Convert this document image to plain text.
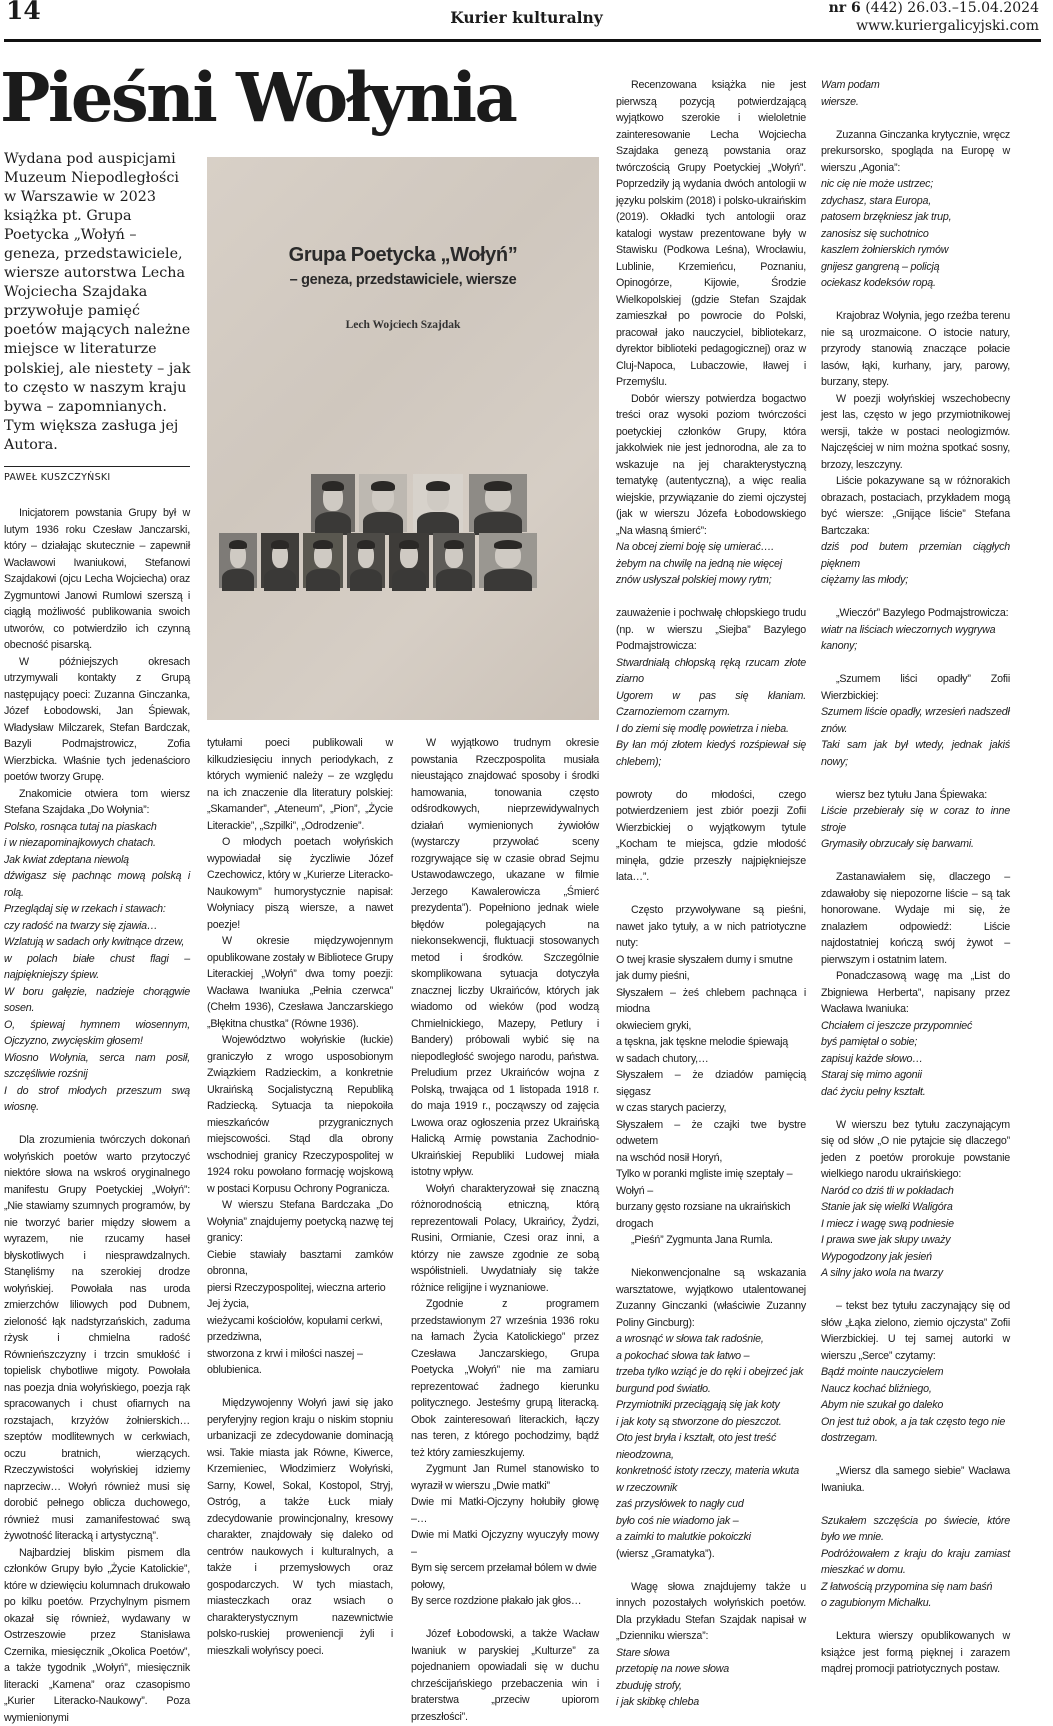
14	Kurier kulturalny	nr 6 (442) 26.03.–15.04.2024
www.kuriergalicyjski.com
Pieśni Wołynia
Wydana pod auspicjami Muzeum Niepodległości w Warszawie w 2023 książka pt. Grupa Poetycka „Wołyń – geneza, przedstawiciele, wiersze autorstwa Lecha Wojciecha Szajdaka przywołuje pamięć poetów mających należne miejsce w literaturze polskiej, ale niestety – jak to często w naszym kraju bywa – zapomnianych. Tym większa zasługa jej Autora.
PAWEŁ KUSZCZYŃSKI
Grupa Poetycka „Wołyń”
– geneza, przedstawiciele, wiersze
Lech Wojciech Szajdak

Inicjatorem powstania Grupy był w lutym 1936 roku Czesław Janczarski, który – działając skutecznie – zapewnił Wacławowi Iwaniukowi, Stefanowi Szajdakowi (ojcu Lecha Wojciecha) oraz Zygmuntowi Janowi Rumlowi szerszą i ciągłą możliwość publikowania swoich utworów, co potwierdziło ich czynną obecność pisarską.

W późniejszych okresach utrzymywali kontakty z Grupą następujący poeci: Zuzanna Ginczanka, Józef Łobodowski, Jan Śpiewak, Władysław Milczarek, Stefan Bardczak, Bazyli Podmajstrowicz, Zofia Wierzbicka. Właśnie tych jedenaścioro poetów tworzy Grupę.

Znakomicie otwiera tom wiersz Stefana Szajdaka „Do Wołynia”:

Polsko, rosnąca tutaj na piaskach

i w niezapominajkowych chatach.

Jak kwiat zdeptana niewolą

dźwigasz się pachnąc mową polską i rolą.

Przeglądaj się w rzekach i stawach:

czy radość na twarzy się zjawia…

Wzlatują w sadach orły kwitnące drzew,

w polach białe chust flagi – najpiękniejszy śpiew.

W boru gałęzie, nadzieje chorągwie sosen.

O, śpiewaj hymnem wiosennym, Ojczyzno, zwycięskim głosem!

Wiosno Wołynia, serca nam posił, szczęśliwie rozśnij

I do strof młodych przeszum swą wiosnę.

Dla zrozumienia twórczych dokonań wołyńskich poetów warto przytoczyć niektóre słowa na wskroś oryginalnego manifestu Grupy Poetyckiej „Wołyń”: „Nie stawiamy szumnych programów, by nie tworzyć barier między słowem a wyrazem, nie rzucamy haseł błyskotliwych i niesprawdzalnych. Stanęliśmy na szerokiej drodze wołyńskiej. Powołała nas uroda zmierzchów liliowych pod Dubnem, zieloność łąk nadstyrzańskich, zaduma rżysk i chmielna radość Równieńszczyzny i trzcin smukłość i topielisk chybotliwe migoty. Powołała nas poezja dnia wołyńskiego, poezja rąk spracowanych i chust ofiarnych na rozstajach, krzyżów żołnierskich… szeptów modlitewnych w cerkwiach, oczu bratnich, wierzących. Rzeczywistości wołyńskiej idziemy naprzeciw… Wołyń również musi się dorobić pełnego oblicza duchowego, również musi zamanifestować swą żywotność literacką i artystyczną”.

Najbardziej bliskim pismem dla członków Grupy było „Życie Katolickie”, które w dziewięciu kolumnach drukowało po kilku poetów. Przychylnym pismem okazał się również, wydawany w Ostrzeszowie przez Stanisława Czernika, miesięcznik „Okolica Poetów”, a także tygodnik „Wołyń”, miesięcznik literacki „Kamena” oraz czasopismo „Kurier Literacko-Naukowy”. Poza wymienionymi

tytułami poeci publikowali w kilkudziesięciu innych periodykach, z których wymienić należy – ze względu na ich znaczenie dla literatury polskiej: „Skamander”, „Ateneum”, „Pion”, „Życie Literackie”, „Szpilki”, „Odrodzenie”.

O młodych poetach wołyńskich wypowiadał się życzliwie Józef Czechowicz, który w „Kurierze Literacko-Naukowym” humorystycznie napisał: Wołyniacy piszą wiersze, a nawet poezje!

W okresie międzywojennym opublikowane zostały w Bibliotece Grupy Literackiej „Wołyń” dwa tomy poezji: Wacława Iwaniuka „Pełnia czerwca” (Chełm 1936), Czesława Janczarskiego „Błękitna chustka” (Równe 1936).

Województwo wołyńskie (łuckie) graniczyło z wrogo usposobionym Związkiem Radzieckim, a konkretnie Ukraińską Socjalistyczną Republiką Radziecką. Sytuacja ta niepokoiła mieszkańców przygranicznych miejscowości. Stąd dla obrony wschodniej granicy Rzeczypospolitej w 1924 roku powołano formację wojskową w postaci Korpusu Ochrony Pogranicza.

W wierszu Stefana Bardczaka „Do Wołynia” znajdujemy poetycką nazwę tej granicy:

Ciebie stawiały basztami zamków obronna,

piersi Rzeczypospolitej, wieczna arterio

Jej życia,

wieżycami kościołów, kopułami cerkwi,

przedziwna,

stworzona z krwi i miłości naszej –

oblubienica.

Międzywojenny Wołyń jawi się jako peryferyjny region kraju o niskim stopniu urbanizacji ze zdecydowanie dominacją wsi. Takie miasta jak Równe, Kiwerce, Krzemieniec, Włodzimierz Wołyński, Sarny, Kowel, Sokal, Kostopol, Stryj, Ostróg, a także Łuck miały zdecydowanie prowincjonalny, kresowy charakter, znajdowały się daleko od centrów naukowych i kulturalnych, a także i przemysłowych oraz gospodarczych. W tych miastach, miasteczkach oraz wsiach o charakterystycznym nazewnictwie polsko-ruskiej proweniencji żyli i mieszkali wołyńscy poeci.

W wyjątkowo trudnym okresie powstania Rzeczpospolita musiała nieustająco znajdować sposoby i środki hamowania, tonowania często odśrodkowych, nieprzewidywalnych działań wymienionych żywiołów (wystarczy przywołać sceny rozgrywające się w czasie obrad Sejmu Ustawodawczego, ukazane w filmie Jerzego Kawalerowicza „Śmierć prezydenta”). Popełniono jednak wiele błędów polegających na niekonsekwencji, fluktuacji stosowanych metod i środków. Szczególnie skomplikowana sytuacja dotyczyła znacznej liczby Ukraińców, których jak wiadomo od wieków (pod wodzą Chmielnickiego, Mazepy, Petlury i Bandery) próbowali wybić się na niepodległość swojego narodu, państwa. Preludium przez Ukraińców wojna z Polską, trwająca od 1 listopada 1918 r. do maja 1919 r., począwszy od zajęcia Lwowa oraz ogłoszenia przez Ukraińską Halicką Armię powstania Zachodnio-Ukraińskiej Republiki Ludowej miała istotny wpływ.

Wołyń charakteryzował się znaczną różnorodnością etniczną, którą reprezentowali Polacy, Ukraińcy, Żydzi, Rusini, Ormianie, Czesi oraz inni, a którzy nie zawsze zgodnie ze sobą współistnieli. Uwydatniały się także różnice religijne i wyznaniowe.

Zgodnie z programem przedstawionym 27 września 1936 roku na łamach Życia Katolickiego” przez Czesława Janczarskiego, Grupa Poetycka „Wołyń” nie ma zamiaru reprezentować żadnego kierunku politycznego. Jesteśmy grupą literacką. Obok zainteresowań literackich, łączy nas teren, z którego pochodzimy, bądź też który zamieszkujemy.

Zygmunt Jan Rumel stanowisko to wyraził w wierszu „Dwie matki”

Dwie mi Matki-Ojczyny hołubiły głowę –…

Dwie mi Matki Ojczyzny wyuczyły mowy –

Bym się sercem przełamał bólem w dwie

połowy,

By serce rozdzione płakało jak głos…

Józef Łobodowski, a także Wacław Iwaniuk w paryskiej „Kulturze” za pojednaniem opowiadali się w duchu chrześcijańskiego przebaczenia win i braterstwa „przeciw upiorom przeszłości”.

Recenzowana książka nie jest pierwszą pozycją potwierdzającą wyjątkowo szerokie i wieloletnie zainteresowanie Lecha Wojciecha Szajdaka genezą powstania oraz twórczością Grupy Poetyckiej „Wołyń”. Poprzedziły ją wydania dwóch antologii w języku polskim (2018) i polsko-ukraińskim (2019). Okładki tych antologii oraz katalogi wystaw prezentowane były w Stawisku (Podkowa Leśna), Wrocławiu, Lublinie, Krzemieńcu, Poznaniu, Opinogórze, Kijowie, Środzie Wielkopolskiej (gdzie Stefan Szajdak zamieszkał po powrocie do Polski, pracował jako nauczyciel, bibliotekarz, dyrektor biblioteki pedagogicznej) oraz w Cluj-Napoca, Lubaczowie, Iławej i Przemyślu.

Dobór wierszy potwierdza bogactwo treści oraz wysoki poziom twórczości poetyckiej członków Grupy, która jakkolwiek nie jest jednorodna, ale za to wskazuje na jej charakterystyczną tematykę (autentyczną), a więc realia wiejskie, przywiązanie do ziemi ojczystej (jak w wierszu Józefa Łobodowskiego „Na własną śmierć”:

Na obcej ziemi boję się umierać….

żebym na chwilę na jedną nie więcej

znów usłyszał polskiej mowy rytm;

zauważenie i pochwałę chłopskiego trudu (np. w wierszu „Siejba” Bazylego Podmajstrowicza:

Stwardniałą chłopską ręką rzucam złote ziarno

Ugorem w pas się kłaniam. Czarnoziemom czarnym.

I do ziemi się modlę powietrza i nieba.

By łan mój złotem kiedyś rozśpiewał się chlebem);

powroty do młodości, czego potwierdzeniem jest zbiór poezji Zofii Wierzbickiej o wyjątkowym tytule „Kocham te miejsca, gdzie młodość minęła, gdzie przeszły najpiękniejsze lata…”.

Często przywoływane są pieśni, nawet jako tytuły, a w nich patriotyczne nuty:

O twej krasie słyszałem dumy i smutne

jak dumy pieśni,

Słyszałem – żeś chlebem pachnąca i miodna

okwieciem gryki,

a tęskna, jak tęskne melodie śpiewają

w sadach chutory,…

Słyszałem – że dziadów pamięcią sięgasz

w czas starych pacierzy,

Słyszałem – że czajki twe bystre odwetem

na wschód nosił Horyń,

Tylko w porankі mgliste imię szeptały –

Wołyń –

burzany gęsto rozsiane na ukraińskich

drogach

„Pieśń” Zygmunta Jana Rumla.

Niekonwencjonalne są wskazania warsztatowe, wyjątkowo utalentowanej Zuzanny Ginczanki (właściwie Zuzanny Poliny Gincburg):

a wrosnąć w słowa tak radośnie,

a pokochać słowa tak łatwo –

trzeba tylko wziąć je do ręki i obejrzeć jak

burgund pod światło.

Przymiotniki przeciągają się jak koty

i jak koty są stworzone do pieszczot.

Oto jest bryła i kształt, oto jest treść

nieodzowna,

konkretność istoty rzeczy, materia wkuta

w rzeczownik

zaś przysłówek to nagły cud

było coś nie wiadomo jak –

a zaimki to malutkie pokoiczki

(wiersz „Gramatyka”).

Wagę słowa znajdujemy także u innych pozostałych wołyńskich poetów. Dla przykładu Stefan Szajdak napisał w „Dzienniku wiersza”:

Stare słowa

przetopię na nowe słowa

zbuduję strofy,

i jak skibkę chleba

Wam podam

wiersze.

Zuzanna Ginczanka krytycznie, wręcz prekursorsko, spogląda na Europę w wierszu „Agonia”:

nic cię nie może ustrzec;

zdychasz, stara Europa,

patosem brzękniesz jak trup,

zanosisz się suchotnico

kaszlem żołnierskich rymów

gnijesz gangreną – policją

ociekasz kodeksów ropą.

Krajobraz Wołynia, jego rzeźba terenu nie są urozmaicone. O istocie natury, przyrody stanowią znaczące połacie lasów, łąki, kurhany, jary, parowy, burzany, stepy.

W poezji wołyńskiej wszechobecny jest las, często w jego przymiotnikowej wersji, także w postaci neologizmów. Najczęściej w nim można spotkać sosny, brzozy, leszczyny.

Liście pokazywane są w różnorakich obrazach, postaciach, przykładem mogą być wiersze: „Gnijące liście” Stefana Bartczaka:

dziś pod butem przemian ciągłych pięknem

ciężarny las młody;

„Wieczór” Bazylego Podmajstrowicza:

wiatr na liściach wieczornych wygrywa

kanony;

„Szumem liści opadły” Zofii Wierzbickiej:

Szumem liście opadły, wrzesień nadszedł

znów.

Taki sam jak był wtedy, jednak jakiś nowy;

wiersz bez tytułu Jana Śpiewaka:

Liście przebierały się w coraz to inne stroje

Grymasiły obrzucały się barwami.

Zastanawiałem się, dlaczego – zdawałoby się niepozorne liście – są tak honorowane. Wydaje mi się, że znalazłem odpowiedź: Liście najdostatniej kończą swój żywot – pierwszym i ostatnim latem.

Ponadczasową wagę ma „List do Zbigniewa Herberta”, napisany przez Wacława Iwaniuka:

Chciałem ci jeszcze przypomnieć

byś pamiętał o sobie;

zapisuj każde słowo…

Staraj się mimo agonii

dać życiu pełny kształt.

W wierszu bez tytułu zaczynającym się od słów „O nie pytajcie się dlaczego” jeden z poetów prorokuje powstanie wielkiego narodu ukraińskiego:

Naród co dziś tli w pokładach

Stanie jak się wielki Waligóra

I miecz i wagę swą podniesie

I prawa swe jak słupy uważy

Wypogodzony jak jesień

A silny jako wola na twarzy

– tekst bez tytułu zaczynający się od słów „Łąka zielono, ziemio ojczysta” Zofii Wierzbickiej. U tej samej autorki w wierszu „Serce” czytamy:

Bądź mointe nauczycielem

Naucz kochać bliźniego,

Abym nie szukał go daleko

On jest tuż obok, a ja tak często tego nie

dostrzegam.

„Wiersz dla samego siebie” Wacława Iwaniuka.

Szukałem szczęścia po świecie, które było we mnie.

Podróżowałem z kraju do kraju zamiast mieszkać w domu.

Z łatwością przypomina się nam baśń

o zagubionym Michałku.

Lektura wierszy opublikowanych w książce jest formą pięknej i zarazem mądrej promocji patriotycznych postaw.
